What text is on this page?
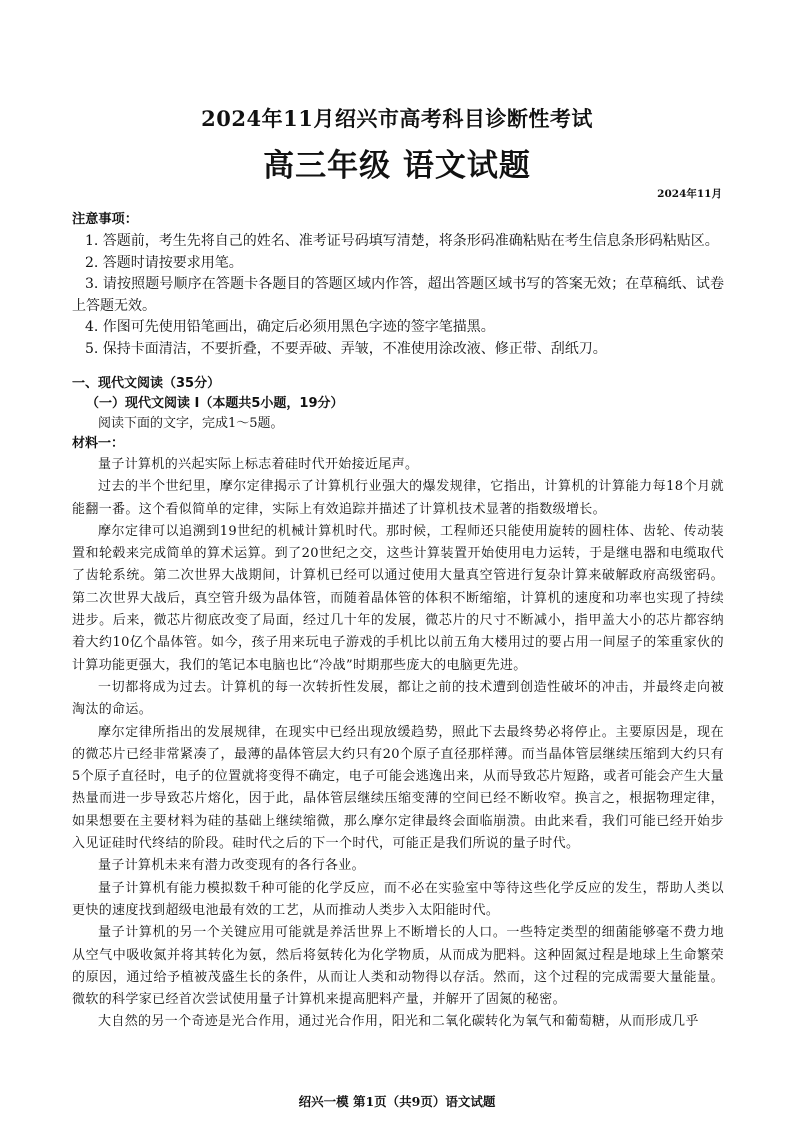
2024年11月绍兴市高考科目诊断性考试
高三年级 语文试题
2024年11月
注意事项：
1. 答题前，考生先将自己的姓名、准考证号码填写清楚，将条形码准确粘贴在考生信息条形码粘贴区。
2. 答题时请按要求用笔。
3. 请按照题号顺序在答题卡各题目的答题区域内作答，超出答题区域书写的答案无效；在草稿纸、试卷上答题无效。
4. 作图可先使用铅笔画出，确定后必须用黑色字迹的签字笔描黑。
5. 保持卡面清洁，不要折叠，不要弄破、弄皱，不准使用涂改液、修正带、刮纸刀。
一、现代文阅读（35分）
（一）现代文阅读 I（本题共5小题，19分）
阅读下面的文字，完成1～5题。
材料一：

量子计算机的兴起实际上标志着硅时代开始接近尾声。

过去的半个世纪里，摩尔定律揭示了计算机行业强大的爆发规律，它指出，计算机的计算能力每18个月就能翻一番。这个看似简单的定律，实际上有效追踪并描述了计算机技术显著的指数级增长。

摩尔定律可以追溯到19世纪的机械计算机时代。那时候，工程师还只能使用旋转的圆柱体、齿轮、传动装置和轮毂来完成简单的算术运算。到了20世纪之交，这些计算装置开始使用电力运转，于是继电器和电缆取代了齿轮系统。第二次世界大战期间，计算机已经可以通过使用大量真空管进行复杂计算来破解政府高级密码。第二次世界大战后，真空管升级为晶体管，而随着晶体管的体积不断缩缩，计算机的速度和功率也实现了持续进步。后来，微芯片彻底改变了局面，经过几十年的发展，微芯片的尺寸不断减小，指甲盖大小的芯片都容纳着大约10亿个晶体管。如今，孩子用来玩电子游戏的手机比以前五角大楼用过的要占用一间屋子的笨重家伙的计算功能更强大，我们的笔记本电脑也比“冷战”时期那些庞大的电脑更先进。

一切都将成为过去。计算机的每一次转折性发展，都让之前的技术遭到创造性破坏的冲击，并最终走向被淘汰的命运。

摩尔定律所指出的发展规律，在现实中已经出现放缓趋势，照此下去最终势必将停止。主要原因是，现在的微芯片已经非常紧凑了，最薄的晶体管层大约只有20个原子直径那样薄。而当晶体管层继续压缩到大约只有5个原子直径时，电子的位置就将变得不确定，电子可能会逃逸出来，从而导致芯片短路，或者可能会产生大量热量而进一步导致芯片熔化，因于此，晶体管层继续压缩变薄的空间已经不断收窄。换言之，根据物理定律，如果想要在主要材料为硅的基础上继续缩微，那么摩尔定律最终会面临崩溃。由此来看，我们可能已经开始步入见证硅时代终结的阶段。硅时代之后的下一个时代，可能正是我们所说的量子时代。

量子计算机未来有潜力改变现有的各行各业。

量子计算机有能力模拟数千种可能的化学反应，而不必在实验室中等待这些化学反应的发生，帮助人类以更快的速度找到超级电池最有效的工艺，从而推动人类步入太阳能时代。

量子计算机的另一个关键应用可能就是养活世界上不断增长的人口。一些特定类型的细菌能够毫不费力地从空气中吸收氮并将其转化为氨，然后将氨转化为化学物质，从而成为肥料。这种固氮过程是地球上生命繁荣的原因，通过给予植被茂盛生长的条件，从而让人类和动物得以存活。然而，这个过程的完成需要大量能量。微软的科学家已经首次尝试使用量子计算机来提高肥料产量，并解开了固氮的秘密。

大自然的另一个奇迹是光合作用，通过光合作用，阳光和二氧化碳转化为氧气和葡萄糖，从而形成几乎

绍兴一模 第1页（共9页）语文试题
